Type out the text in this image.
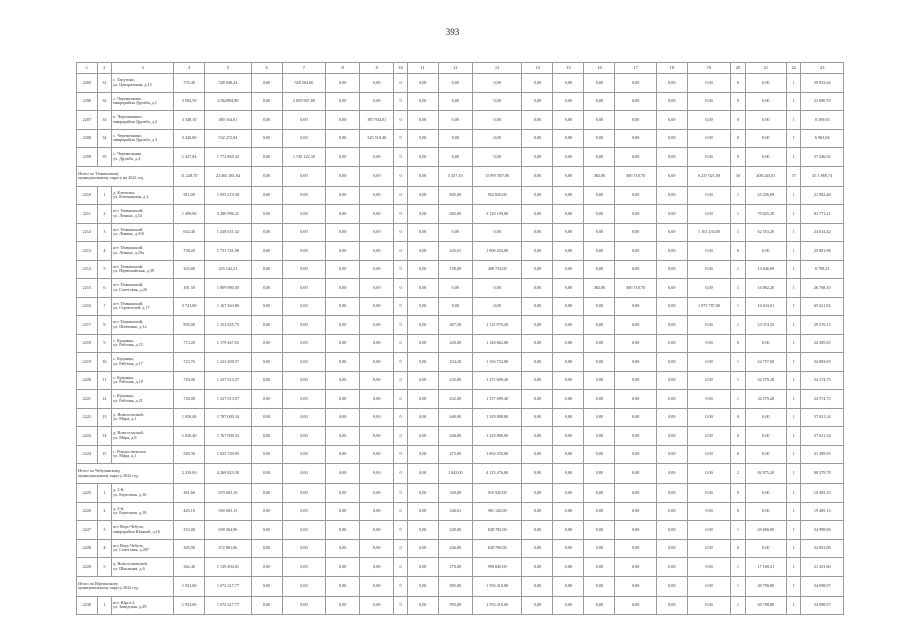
393
1	2	3	4	5	6	7	8	9	10	11	12	13	14	15	16	17	18	19	20	21	22	23
2205	31	с. Тарутино,
ул. Центральная, д.12	755,40	528 048,24	0,00	528 504,00	0,00	0,00	0	0,00	0,00	0,00	0,00	0,00	0,00	0,00	0,00	0,00	0	0,00	1	39 833,64
2206	32	с. Черемичкино,
микрорайон Дружба, д.1	3 582,50	2 062894,80	0,00	2 059 967,80	0,00	0,00	0	0,00	0,00	0,00	0,00	0,00	0,00	0,00	0,00	0,00	0	0,00	1	23 690,70
2207	33	п. Черемичкино,
микрорайон Дружба, д.2	3 348,10	480 164,01	0,00	0,00	0,00	387 934,01	0	0,00	0,00	0,00	0,00	0,00	0,00	0,00	0,00	0,00	0	0,00	1	8 369,03
2208	34	с. Черемичкино,
микрорайон Дружба, д.3	3 426,80	532 272,94	0,00	0,00	0,00	525 510,40	0	0,00	0,00	0,00	0,00	0,00	0,00	0,00	0,00	0,00	0	0,00	1	6 963,84
2209	35	с. Черемичкино,
ул. Дружба, д.4	1 427,84	1 772 865,32	0,00	1 740 122,30	0,00	0,00	0	0,00	0,00	0,00	0,00	0,00	0,00	0,00	0,00	0,00	0	0,00	1	37 246,02
Итого по Тёмкинскому
муниципальному округу на 2022 год			11 228,70	22 465 481,64	0,00	0,00	0,00	0,00	0	0,00	5 457,10	15 897 857,00	0,00	0,00	482,00	490 518,70	0,00	6 237 021,00	16	408 245,01	37	45 1 869,74
2210	1	д. Ключики,
ул. Ключиковая, д.2	811,09	1 955 219,58	0,00	0,00	0,00	0,00	0	0,00	805,00	952 826,00	0,00	0,00	0,00	0,00	0,00	0,00	1	25 256,89	1	21 982,48
2211	2	пгт Тёмкинский,
ул. Ленина, д.54	1 499,90	3 280 996,41	0,00	0,00	0,00	0,00	0	0,00	682,00	3 120 199,00	0,00	0,00	0,00	0,00	0,00	0,00	1	79 025,20	1	81 771,21
2212	3	пгт Тёмкинский,
ул. Ленина, д.316	632,40	1 248 631,42	0,00	0,00	0,00	0,00	0	0,00	0,00	0,00	0,00	0,00	0,00	0,00	0,00	1 161 234,00	1	62 553,20	1	24 814,42
2213	4	пгт Тёмкинский,
ул. Ленина, д.29а	758,20	1 731 741,98	0,00	0,00	0,00	0,00	0	0,00	445,01	1 006 254,00	0,00	0,00	0,00	0,00	0,00	0,00	0	0,00	1	25 881,98
2214	5	пгт Тёмкинский,
ул. Первомайская, д.39	203,00	425 142,21	0,00	0,00	0,00	0,00	0	0,00	198,00	400 754,00	0,00	0,00	0,00	0,00	0,00	0,00	1	14 646,00	1	8 768,21
2215	6	пгт Тёмкинский,
ул. Советская, д.26	491,50	1 069 980,00	0,00	0,00	0,00	0,00	0	0,00	0,00	0,00	0,00	0,00	482,00	490 518,70	0,00	0,00	1	16 882,20	1	26 768,10
2216	7	пгт Тёмкинский,
ул. Строителей, д.17	3 741,00	1 167 263,86	0,00	0,00	0,00	0,00	0	0,00	0,00	0,00	0,00	0,00	0,00	0,00	0,00	1 075 787,00	1	16 633,01	1	65 621,84
2217	8	пгт Тёмкинский,
ул. Шевченко, д.1а	893,00	1 154 825,75	0,00	0,00	0,00	0,00	0	0,00	467,50	1 115 979,49	0,00	0,00	0,00	0,00	0,00	0,00	1	23 374,35	1	29 519,13
2218	9	с. Кудинцы,
ул. Рабочая, д.15	713,20	1 179 447,65	0,00	0,00	0,00	0,00	0	0,00	420,00	1 148 862,00	0,00	0,00	0,00	0,00	0,00	0,00	0	0,00	1	24 585,65
2219	10	с. Кудинцы,
ул. Рабочая, д.17	723,76	1 233 408,57	0,00	0,00	0,00	0,00	0	0,00	434,20	1 163 752,00	0,00	0,00	0,00	0,00	0,00	0,00	1	24 757,00	1	34 883,65
2220	11	с. Кудинцы,
ул. Рабочая, д.19	720,00	1 237 013,57	0,00	0,00	0,00	0,00	0	0,00	432,00	1 157 699,40	0,00	0,00	0,00	0,00	0,00	0,00	1	34 579,28	1	24 574,75
2221	12	с. Кудинцы,
ул. Рабочая, д.21	720,00	1 237 013,57	0,00	0,00	0,00	0,00	0	0,00	432,00	1 157 699,40	0,00	0,00	0,00	0,00	0,00	0,00	1	34 579,28	1	24 574,75
2222	13	д. Новосельский,
ул. Мира, д.1	1 036,40	1 787 009,34	0,00	0,00	0,00	0,00	0	0,00	640,00	1 329 888,00	0,00	0,00	0,00	0,00	0,00	0,00	0	0,00	1	37 021,34
2223	14	д. Новосельский,
ул. Мира, д.8	1 036,40	1 767 009,34	0,00	0,00	0,00	0,00	0	0,00	640,00	1 329 888,00	0,00	0,00	0,00	0,00	0,00	0,00	0	0,00	1	37 021,34
2224	15	с. Рождественское,
ул. Мира, д.1	549,36	1 025 749,95	0,00	0,00	0,00	0,00	0	0,00	275,00	1 004 250,00	0,00	0,00	0,00	0,00	0,00	0,00	0	0,00	1	21 499,95
Итого по Чебулинскому
муниципальному округу 2022 год			2 239,00	4 269 823,58	0,00	0,00	0,00	0,00	0	0,00	1 842,00	4 125 476,00	0,00	0,00	0,00	0,00	0,00	0,00	2	82 075,20	1	88 379,78
2225	1	д. 2-й,
ул. Береговая, д.16	461,66	870 603,10	0,00	0,00	0,00	0,00	0	0,00	340,00	910 920,00	0,00	0,00	0,00	0,00	0,00	0,00	0	0,00	1	19 483,10
2226	2	д. 2-й,
ул. Береговая, д.18	445,10	930 605,13	0,00	0,00	0,00	0,00	0	0,00	346,01	901 120,00	0,00	0,00	0,00	0,00	0,00	0,00	0	0,00	1	19 485,13
2227	3	пгт Верх-Чебула,
микрорайон Южный, д.16	353,00	658 364,96	0,00	0,00	0,00	0,00	0	0,00	249,00	638 785,00	0,00	0,00	0,00	0,00	0,00	0,00	1	29 680,00	1	34 998,96
2228	4	пгт Верх-Чебула,
ул. Советская, д.267	365,90	672 861,06	0,00	0,00	0,00	0,00	0	0,00	246,00	638 780,00	0,00	0,00	0,00	0,00	0,00	0,00	0	0,00	1	34 081,06
2229	5	д. Новоселковский,
ул. Школьная, д.6	362,40	1 139 494,81	0,00	0,00	0,00	0,00	0	0,00	270,00	999 840,00	0,00	0,00	0,00	0,00	0,00	0,00	1	17 169,21	1	21 201,60
Итого по Юргинскому
муниципальному округу 2022 год			1 933,60	1 672 217,77	0,00	0,00	0,00	0,00	0	0,00	995,00	1 593 410,00	0,00	0,00	0,00	0,00	0,00	0,00	1	49 798,80	1	34 098,97
2230	1	пгт. Юрга-2,
ул. Заводская, д.29	1 933,60	1 672 217,77	0,00	0,00	0,00	0,00	0	0,00	995,00	1 593 410,00	0,00	0,00	0,00	0,00	0,00	0,00	1	49 798,80	1	34 098,97
